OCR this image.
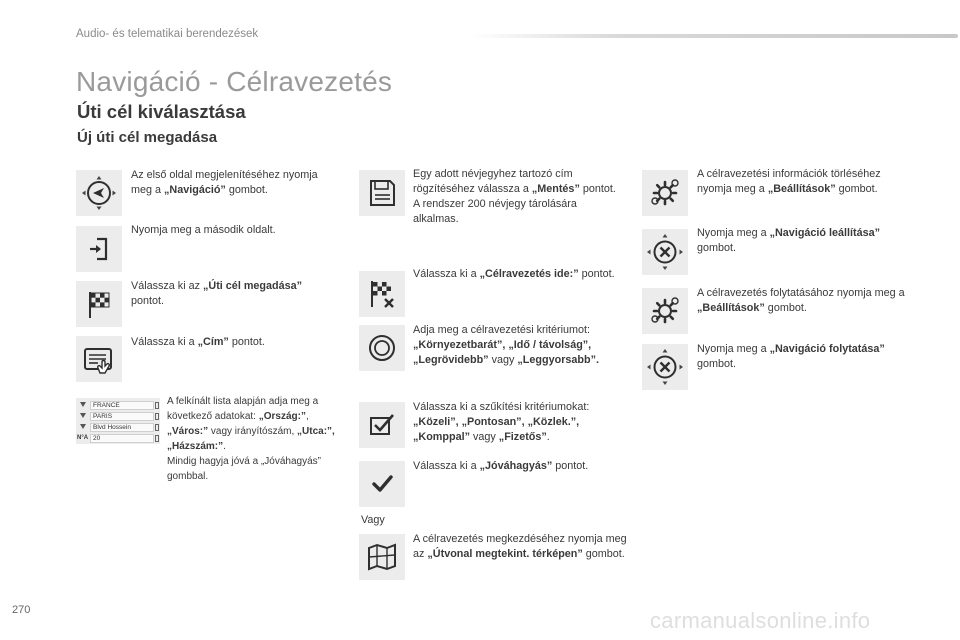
Audio- és telematikai berendezések
Navigáció - Célravezetés
Úti cél kiválasztása
Új úti cél megadása
Az első oldal megjelenítéséhez nyomja meg a „Navigáció” gombot.
Nyomja meg a második oldalt.
Válassza ki az „Úti cél megadása” pontot.
Válassza ki a „Cím” pontot.
FRANCE
PARIS
Blvd Hossein
N°A 20
A felkínált lista alapján adja meg a következő adatokat: „Ország:”, „Város:” vagy irányítószám, „Utca:”, „Házszám:”.
Mindig hagyja jóvá a „Jóváhagyás” gombbal.
Egy adott névjegyhez tartozó cím rögzítéséhez válassza a „Mentés” pontot.
A rendszer 200 névjegy tárolására alkalmas.
Válassza ki a „Célravezetés ide:” pontot.
Adja meg a célravezetési kritériumot: „Környezetbarát”, „Idő / távolság”, „Legrövidebb” vagy „Leggyorsabb”.
Válassza ki a szűkítési kritériumokat: „Közeli”, „Pontosan”, „Közlek.”, „Komppal” vagy „Fizetős”.
Válassza ki a „Jóváhagyás” pontot.
Vagy
A célravezetés megkezdéséhez nyomja meg az „Útvonal megtekint. térképen” gombot.
A célravezetési információk törléséhez nyomja meg a „Beállítások” gombot.
Nyomja meg a „Navigáció leállítása” gombot.
A célravezetés folytatásához nyomja meg a „Beállítások” gombot.
Nyomja meg a „Navigáció folytatása” gombot.
270	carmanualsonline.info
